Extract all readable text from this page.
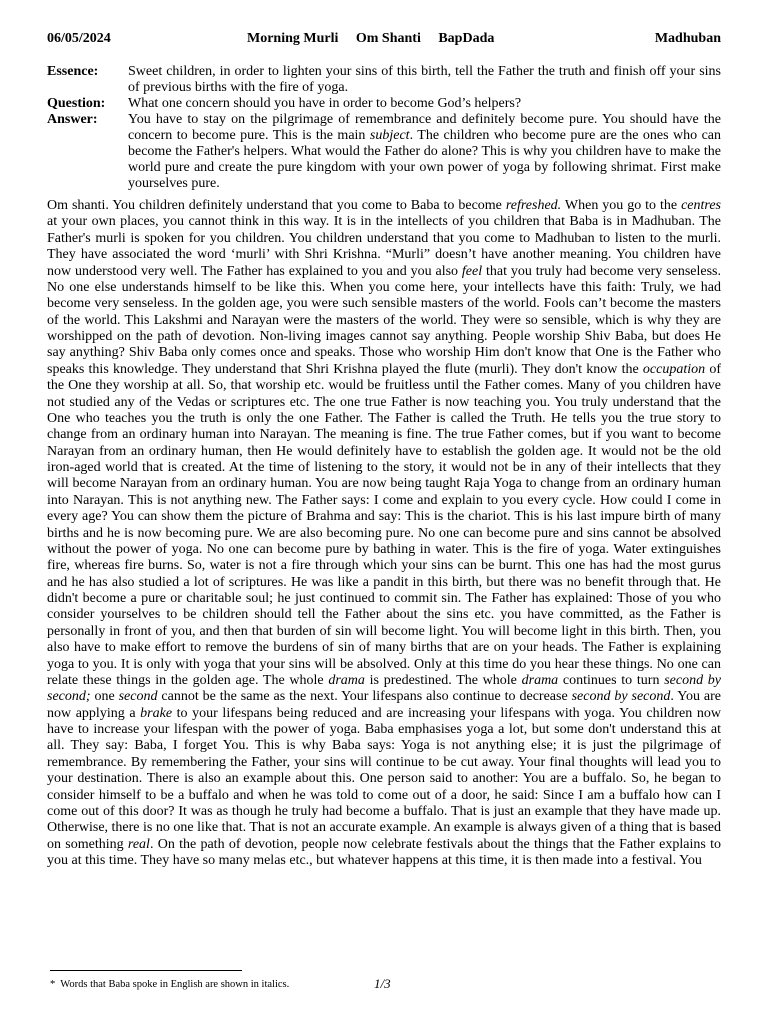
06/05/2024	Morning Murli     Om Shanti     BapDada	Madhuban
Essence:	Sweet children, in order to lighten your sins of this birth, tell the Father the truth and finish off your sins of previous births with the fire of yoga.
Question:	What one concern should you have in order to become God’s helpers?
Answer:	You have to stay on the pilgrimage of remembrance and definitely become pure. You should have the concern to become pure. This is the main subject. The children who become pure are the ones who can become the Father's helpers. What would the Father do alone? This is why you children have to make the world pure and create the pure kingdom with your own power of yoga by following shrimat. First make yourselves pure.

Om shanti. You children definitely understand that you come to Baba to become refreshed. When you go to the centres at your own places, you cannot think in this way. It is in the intellects of you children that Baba is in Madhuban. The Father's murli is spoken for you children. You children understand that you come to Madhuban to listen to the murli. They have associated the word ‘murli’ with Shri Krishna. “Murli” doesn’t have another meaning. You children have now understood very well. The Father has explained to you and you also feel that you truly had become very senseless. No one else understands himself to be like this. When you come here, your intellects have this faith: Truly, we had become very senseless. In the golden age, you were such sensible masters of the world. Fools can’t become the masters of the world. This Lakshmi and Narayan were the masters of the world. They were so sensible, which is why they are worshipped on the path of devotion. Non-living images cannot say anything. People worship Shiv Baba, but does He say anything? Shiv Baba only comes once and speaks. Those who worship Him don't know that One is the Father who speaks this knowledge. They understand that Shri Krishna played the flute (murli). They don't know the occupation of the One they worship at all. So, that worship etc. would be fruitless until the Father comes. Many of you children have not studied any of the Vedas or scriptures etc. The one true Father is now teaching you. You truly understand that the One who teaches you the truth is only the one Father. The Father is called the Truth. He tells you the true story to change from an ordinary human into Narayan. The meaning is fine. The true Father comes, but if you want to become Narayan from an ordinary human, then He would definitely have to establish the golden age. It would not be the old iron-aged world that is created. At the time of listening to the story, it would not be in any of their intellects that they will become Narayan from an ordinary human. You are now being taught Raja Yoga to change from an ordinary human into Narayan. This is not anything new. The Father says: I come and explain to you every cycle. How could I come in every age? You can show them the picture of Brahma and say: This is the chariot. This is his last impure birth of many births and he is now becoming pure. We are also becoming pure. No one can become pure and sins cannot be absolved without the power of yoga. No one can become pure by bathing in water. This is the fire of yoga. Water extinguishes fire, whereas fire burns. So, water is not a fire through which your sins can be burnt. This one has had the most gurus and he has also studied a lot of scriptures. He was like a pandit in this birth, but there was no benefit through that. He didn't become a pure or charitable soul; he just continued to commit sin. The Father has explained: Those of you who consider yourselves to be children should tell the Father about the sins etc. you have committed, as the Father is personally in front of you, and then that burden of sin will become light. You will become light in this birth. Then, you also have to make effort to remove the burdens of sin of many births that are on your heads. The Father is explaining yoga to you. It is only with yoga that your sins will be absolved. Only at this time do you hear these things. No one can relate these things in the golden age. The whole drama is predestined. The whole drama continues to turn second by second; one second cannot be the same as the next. Your lifespans also continue to decrease second by second. You are now applying a brake to your lifespans being reduced and are increasing your lifespans with yoga. You children now have to increase your lifespan with the power of yoga. Baba emphasises yoga a lot, but some don't understand this at all. They say: Baba, I forget You. This is why Baba says: Yoga is not anything else; it is just the pilgrimage of remembrance. By remembering the Father, your sins will continue to be cut away. Your final thoughts will lead you to your destination. There is also an example about this. One person said to another: You are a buffalo. So, he began to consider himself to be a buffalo and when he was told to come out of a door, he said: Since I am a buffalo how can I come out of this door? It was as though he truly had become a buffalo. That is just an example that they have made up. Otherwise, there is no one like that. That is not an accurate example. An example is always given of a thing that is based on something real. On the path of devotion, people now celebrate festivals about the things that the Father explains to you at this time. They have so many melas etc., but whatever happens at this time, it is then made into a festival. You

*  Words that Baba spoke in English are shown in italics.	1/3
